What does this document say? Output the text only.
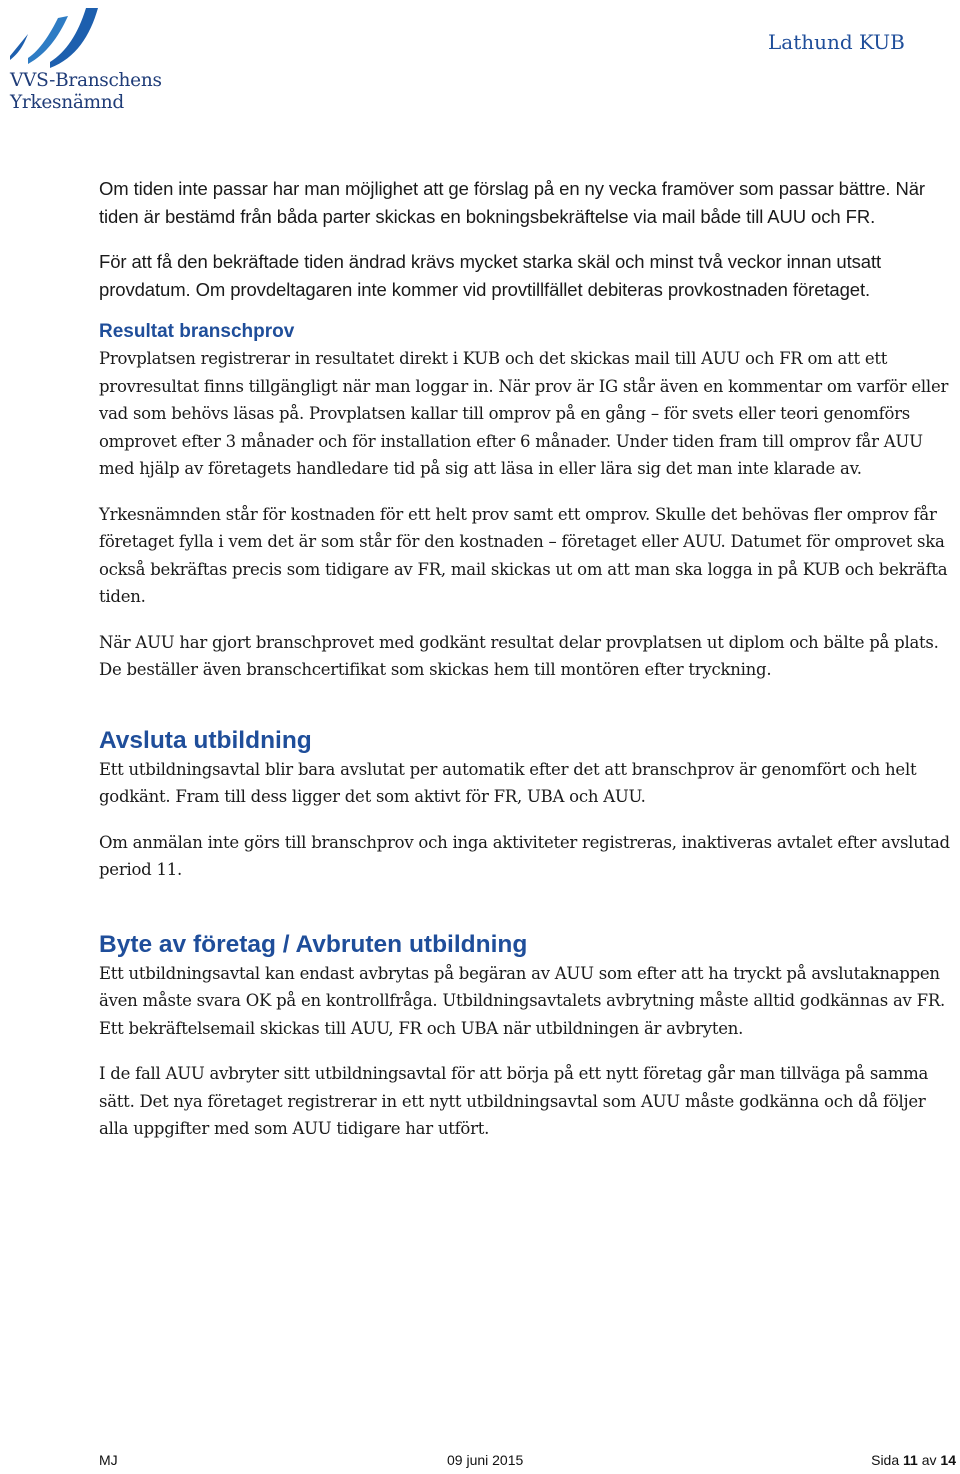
VVS-Branschens
Yrkesnämnd
Lathund KUB

Om tiden inte passar har man möjlighet att ge förslag på en ny vecka framöver som passar bättre. När tiden är bestämd från båda parter skickas en bokningsbekräftelse via mail både till AUU och FR.

För att få den bekräftade tiden ändrad krävs mycket starka skäl och minst två veckor innan utsatt provdatum. Om provdeltagaren inte kommer vid provtillfället debiteras provkostnaden företaget.

Resultat branschprov

Provplatsen registrerar in resultatet direkt i KUB och det skickas mail till AUU och FR om att ett provresultat finns tillgängligt när man loggar in. När prov är IG står även en kommentar om varför eller vad som behövs läsas på. Provplatsen kallar till omprov på en gång – för svets eller teori genomförs omprovet efter 3 månader och för installation efter 6 månader. Under tiden fram till omprov får AUU med hjälp av företagets handledare tid på sig att läsa in eller lära sig det man inte klarade av.

Yrkesnämnden står för kostnaden för ett helt prov samt ett omprov. Skulle det behövas fler omprov får företaget fylla i vem det är som står för den kostnaden – företaget eller AUU. Datumet för omprovet ska också bekräftas precis som tidigare av FR, mail skickas ut om att man ska logga in på KUB och bekräfta tiden.

När AUU har gjort branschprovet med godkänt resultat delar provplatsen ut diplom och bälte på plats. De beställer även branschcertifikat som skickas hem till montören efter tryckning.

Avsluta utbildning

Ett utbildningsavtal blir bara avslutat per automatik efter det att branschprov är genomfört och helt godkänt. Fram till dess ligger det som aktivt för FR, UBA och AUU.

Om anmälan inte görs till branschprov och inga aktiviteter registreras, inaktiveras avtalet efter avslutad period 11.

Byte av företag / Avbruten utbildning

Ett utbildningsavtal kan endast avbrytas på begäran av AUU som efter att ha tryckt på avslutaknappen även måste svara OK på en kontrollfråga. Utbildningsavtalets avbrytning måste alltid godkännas av FR. Ett bekräftelsemail skickas till AUU, FR och UBA när utbildningen är avbryten.

I de fall AUU avbryter sitt utbildningsavtal för att börja på ett nytt företag går man tillväga på samma sätt. Det nya företaget registrerar in ett nytt utbildningsavtal som AUU måste godkänna och då följer alla uppgifter med som AUU tidigare har utfört.

MJ	09 juni 2015	Sida 11 av 14
